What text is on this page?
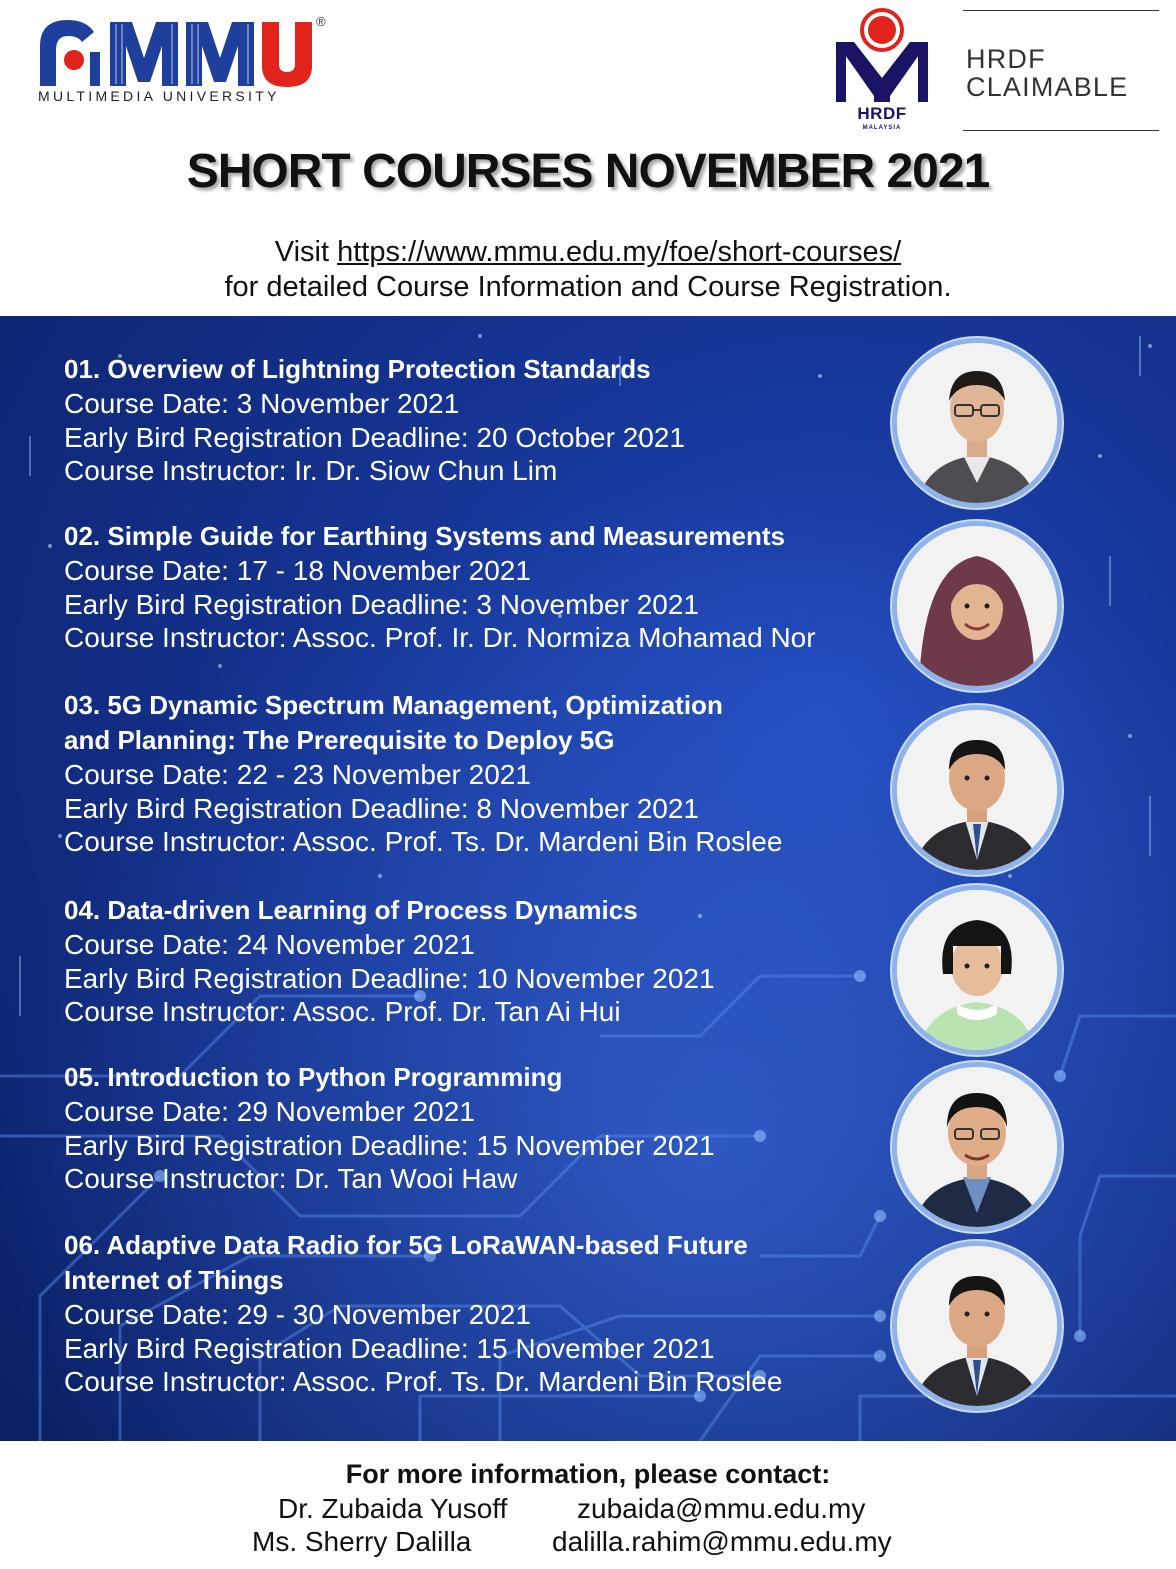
®
MULTIMEDIA UNIVERSITY
HRDF
MALAYSIA
HRDF
CLAIMABLE
SHORT COURSES NOVEMBER 2021
Visit https://www.mmu.edu.my/foe/short-courses/
for detailed Course Information and Course Registration.
01. Overview of Lightning Protection Standards
Course Date: 3 November 2021
Early Bird Registration Deadline: 20 October 2021
Course Instructor: Ir. Dr. Siow Chun Lim
02. Simple Guide for Earthing Systems and Measurements
Course Date: 17 - 18 November 2021
Early Bird Registration Deadline: 3 November 2021
Course Instructor: Assoc. Prof. Ir. Dr. Normiza Mohamad Nor
03. 5G Dynamic Spectrum Management, Optimization
and Planning: The Prerequisite to Deploy 5G
Course Date: 22 - 23 November 2021
Early Bird Registration Deadline: 8 November 2021
Course Instructor: Assoc. Prof. Ts. Dr. Mardeni Bin Roslee
04. Data-driven Learning of Process Dynamics
Course Date: 24 November 2021
Early Bird Registration Deadline: 10 November 2021
Course Instructor: Assoc. Prof. Dr. Tan Ai Hui
05. Introduction to Python Programming
Course Date: 29 November 2021
Early Bird Registration Deadline: 15 November 2021
Course Instructor: Dr. Tan Wooi Haw
06. Adaptive Data Radio for 5G LoRaWAN-based Future
Internet of Things
Course Date: 29 - 30 November 2021
Early Bird Registration Deadline: 15 November 2021
Course Instructor: Assoc. Prof. Ts. Dr. Mardeni Bin Roslee
For more information, please contact:
Dr. Zubaida Yusoff zubaida@mmu.edu.my
Ms. Sherry Dalilla	dalilla.rahim@mmu.edu.my
